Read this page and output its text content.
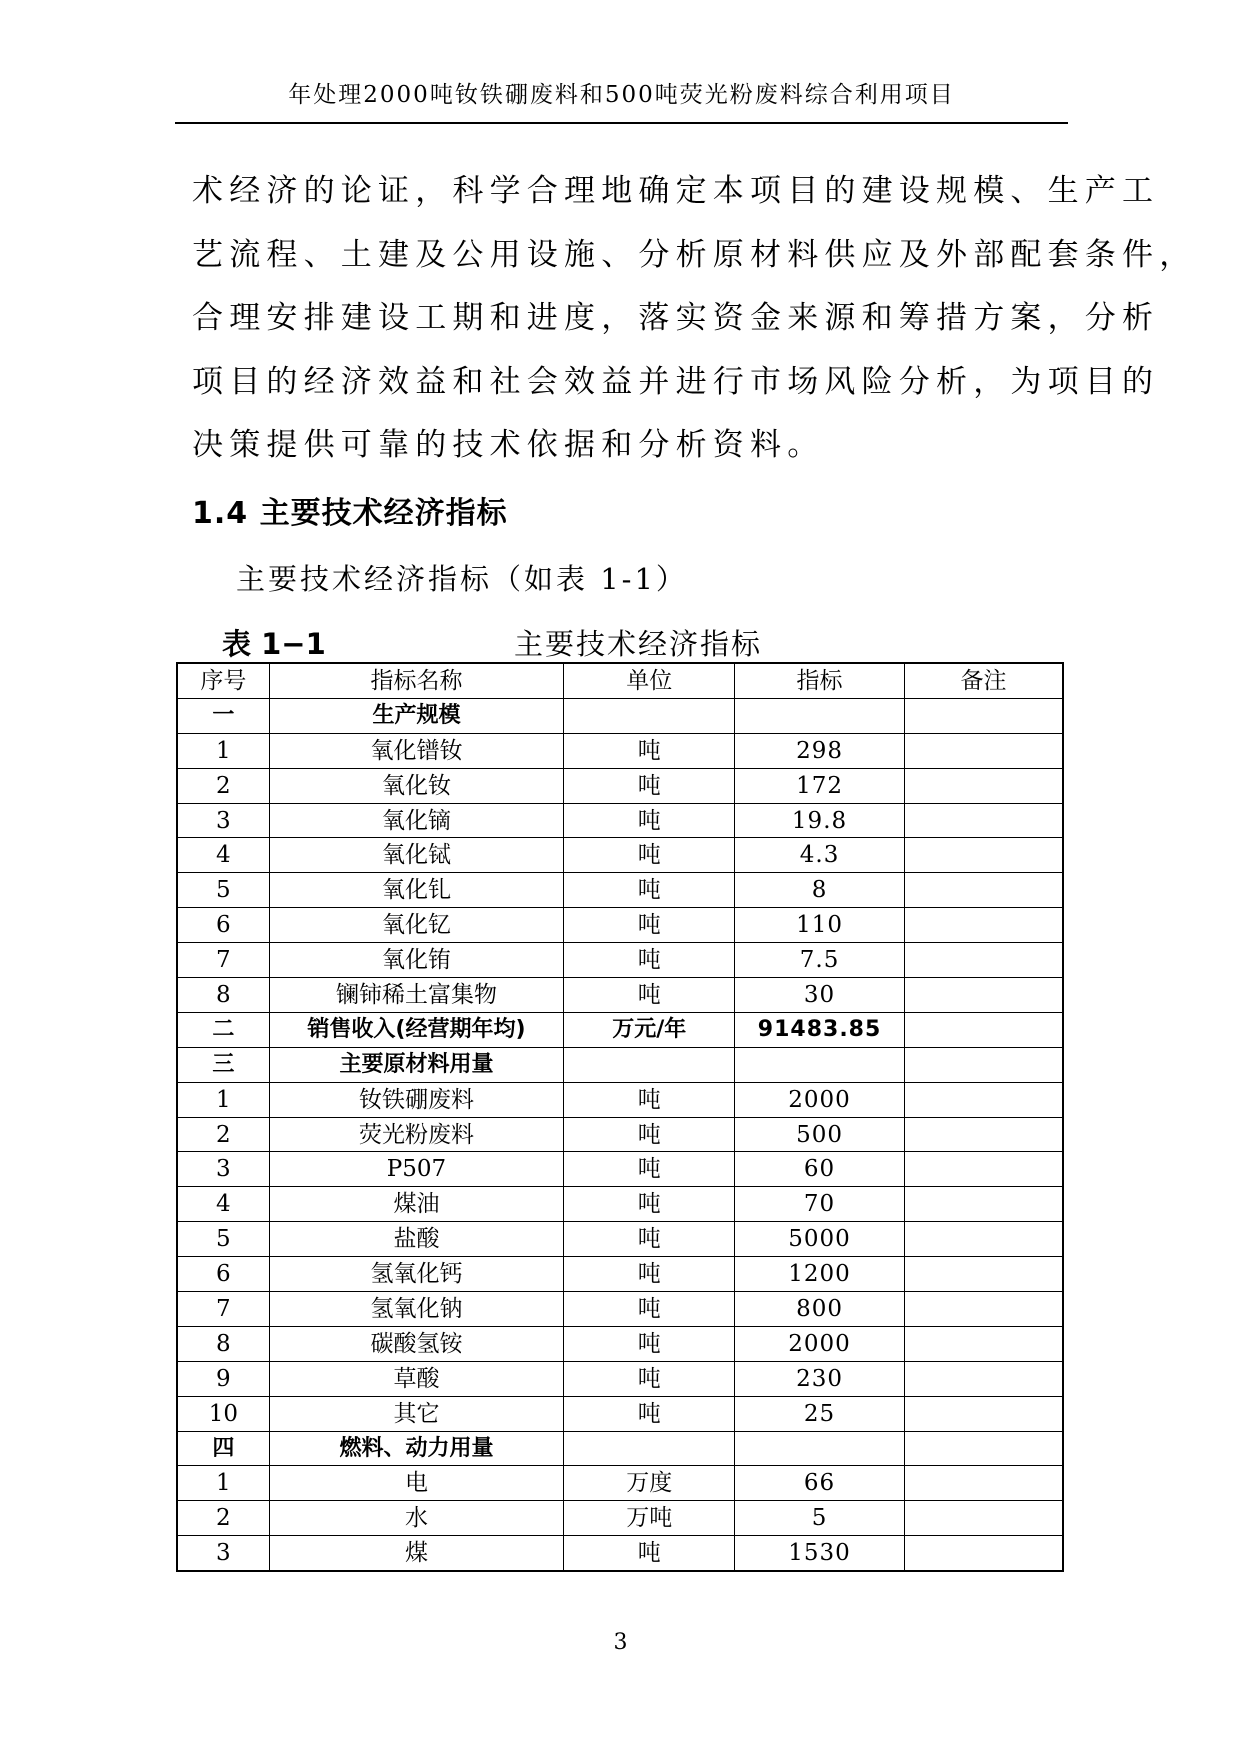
年处理2000吨钕铁硼废料和500吨荧光粉废料综合利用项目
术经济的论证，科学合理地确定本项目的建设规模、生产工
艺流程、土建及公用设施、分析原材料供应及外部配套条件，
合理安排建设工期和进度，落实资金来源和筹措方案，分析
项目的经济效益和社会效益并进行市场风险分析，为项目的
决策提供可靠的技术依据和分析资料。
1.4 主要技术经济指标
主要技术经济指标（如表 1-1）
表 1−1	主要技术经济指标
序号	指标名称	单位	指标	备注
一	生产规模			
1	氧化镨钕	吨	298	
2	氧化钕	吨	172	
3	氧化镝	吨	19.8	
4	氧化铽	吨	4.3	
5	氧化钆	吨	8	
6	氧化钇	吨	110	
7	氧化铕	吨	7.5	
8	镧铈稀土富集物	吨	30	
二	销售收入(经营期年均)	万元/年	91483.85	
三	主要原材料用量			
1	钕铁硼废料	吨	2000	
2	荧光粉废料	吨	500	
3	P507	吨	60	
4	煤油	吨	70	
5	盐酸	吨	5000	
6	氢氧化钙	吨	1200	
7	氢氧化钠	吨	800	
8	碳酸氢铵	吨	2000	
9	草酸	吨	230	
10	其它	吨	25	
四	燃料、动力用量			
1	电	万度	66	
2	水	万吨	5	
3	煤	吨	1530	
3
